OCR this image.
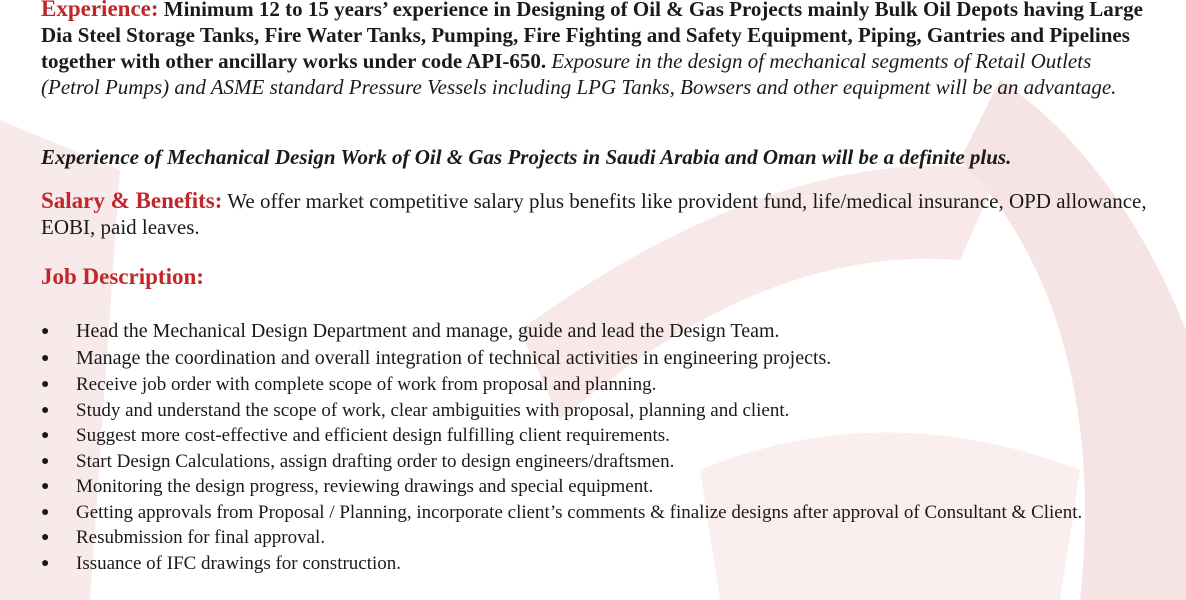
Experience: Minimum 12 to 15 years’ experience in Designing of Oil & Gas Projects mainly Bulk Oil Depots having Large Dia Steel Storage Tanks, Fire Water Tanks, Pumping, Fire Fighting and Safety Equipment, Piping, Gantries and Pipelines together with other ancillary works under code API-650. Exposure in the design of mechanical segments of Retail Outlets (Petrol Pumps) and ASME standard Pressure Vessels including LPG Tanks, Bowsers and other equipment will be an advantage.

Experience of Mechanical Design Work of Oil & Gas Projects in Saudi Arabia and Oman will be a definite plus.

Salary & Benefits: We offer market competitive salary plus benefits like provident fund, life/medical insurance, OPD allowance, EOBI, paid leaves.

Job Description:
● Head the Mechanical Design Department and manage, guide and lead the Design Team.
● Manage the coordination and overall integration of technical activities in engineering projects.
● Receive job order with complete scope of work from proposal and planning.
● Study and understand the scope of work, clear ambiguities with proposal, planning and client.
● Suggest more cost-effective and efficient design fulfilling client requirements.
● Start Design Calculations, assign drafting order to design engineers/draftsmen.
● Monitoring the design progress, reviewing drawings and special equipment.
● Getting approvals from Proposal / Planning, incorporate client’s comments & finalize designs after approval of Consultant & Client.
● Resubmission for final approval.
● Issuance of IFC drawings for construction.
